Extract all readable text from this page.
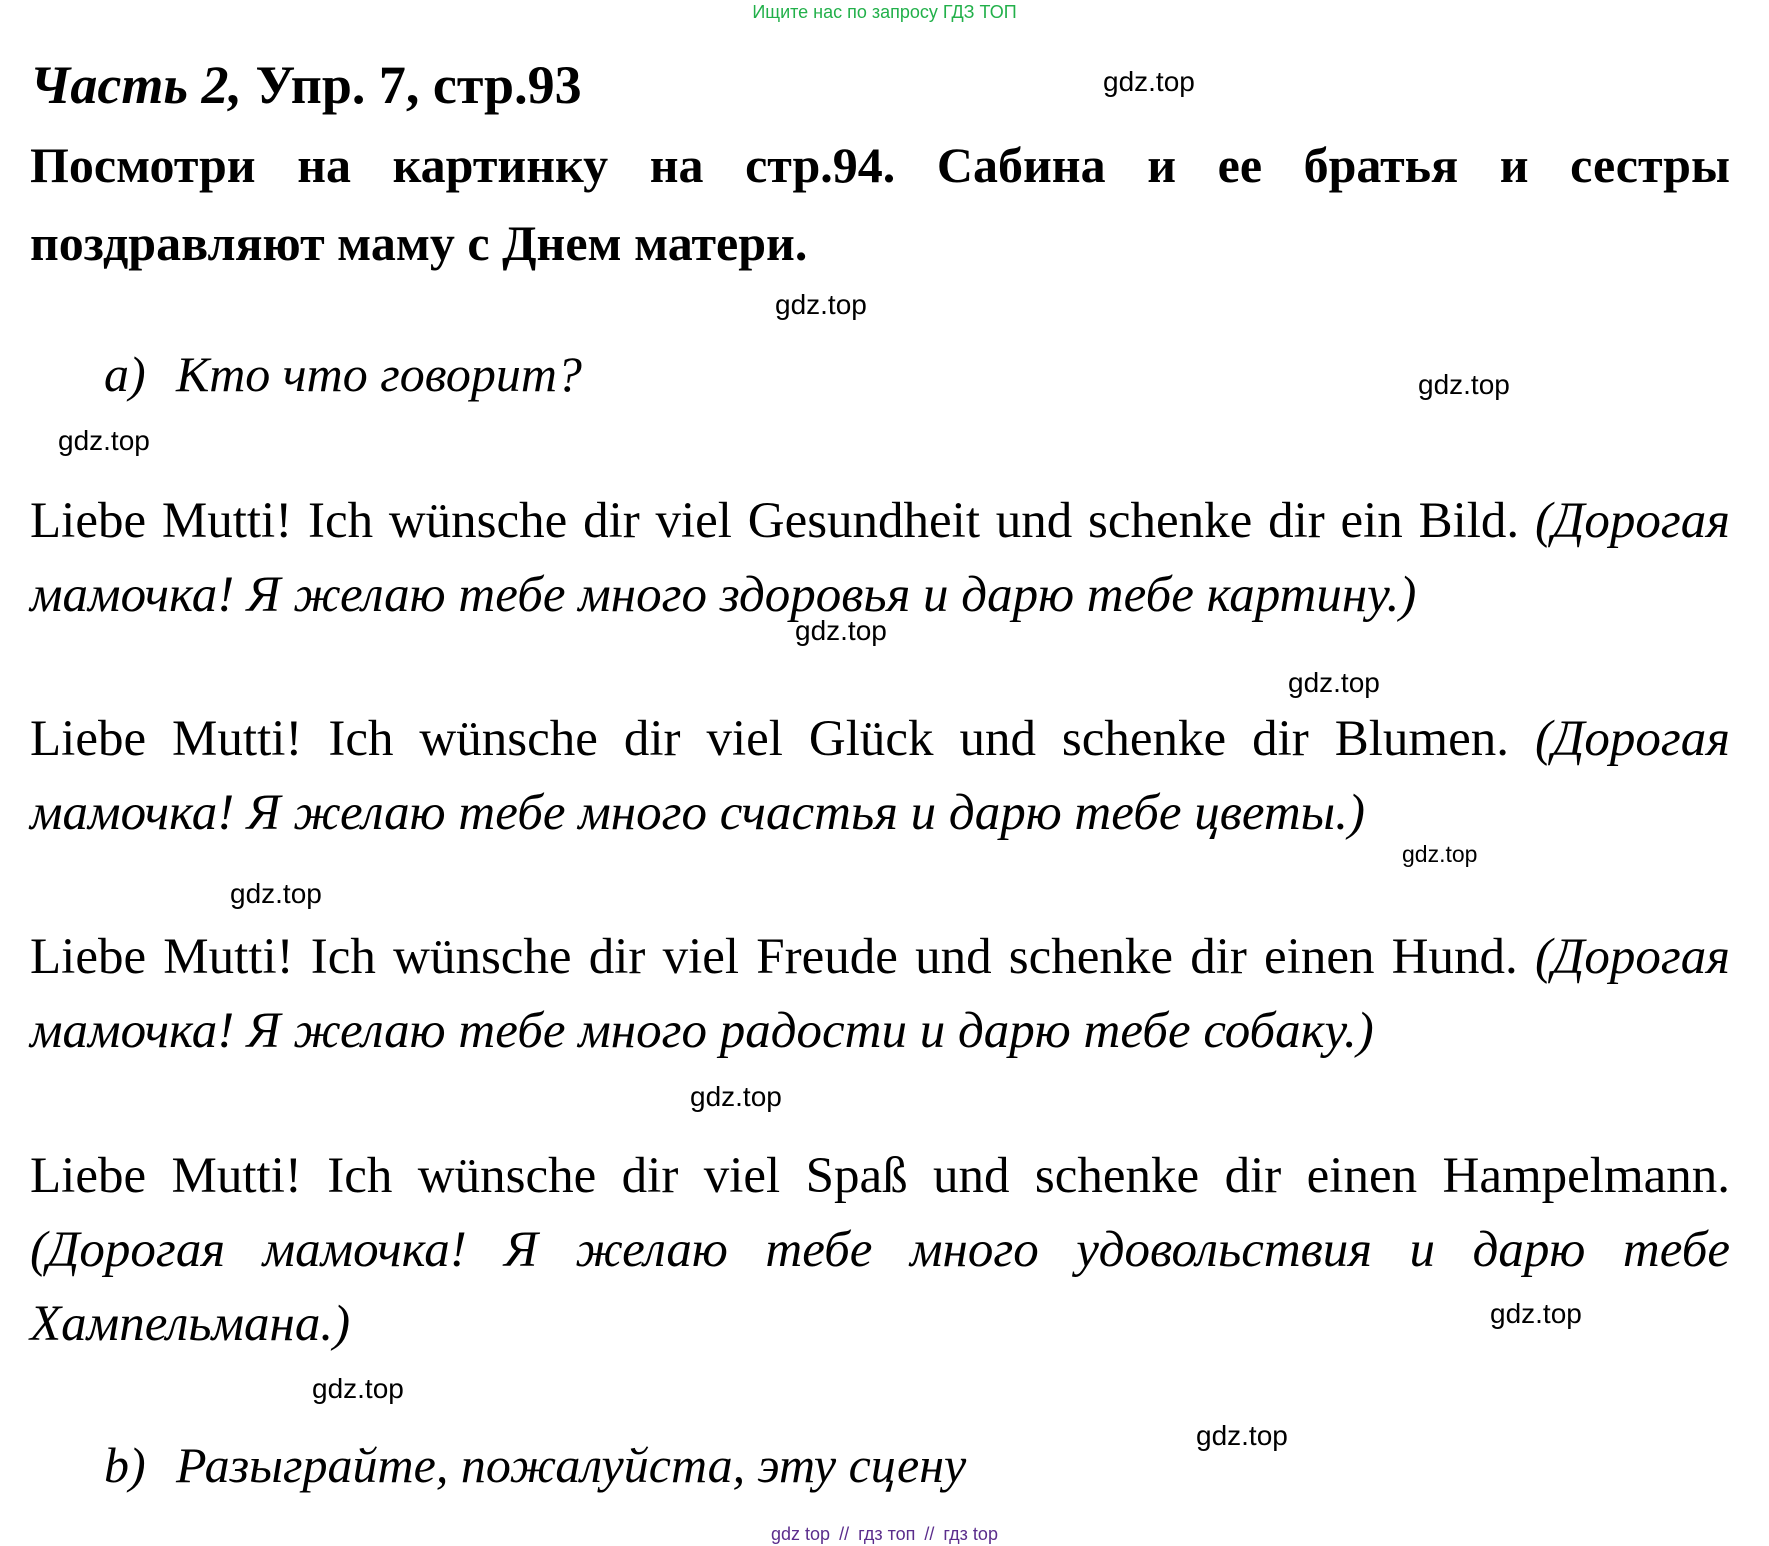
Ищите нас по запросу ГДЗ ТОП
Часть 2, Упр. 7, стр.93
Посмотри на картинку на стр.94. Сабина и ее братья и сестры поздравляют маму с Днем матери.
a) Кто что говорит?
Liebe Mutti! Ich wünsche dir viel Gesundheit und schenke dir ein Bild. (Дорогая мамочка! Я желаю тебе много здоровья и дарю тебе картину.)
Liebe Mutti! Ich wünsche dir viel Glück und schenke dir Blumen. (Дорогая мамочка! Я желаю тебе много счастья и дарю тебе цветы.)
Liebe Mutti! Ich wünsche dir viel Freude und schenke dir einen Hund. (Дорогая мамочка! Я желаю тебе много радости и дарю тебе собаку.)
Liebe Mutti! Ich wünsche dir viel Spaß und schenke dir einen Hampelmann. (Дорогая мамочка! Я желаю тебе много удовольствия и дарю тебе Хампельмана.)
b) Разыграйте, пожалуйста, эту сцену
gdz.top
gdz.top
gdz.top
gdz.top
gdz.top
gdz.top
gdz.top
gdz.top
gdz.top
gdz.top
gdz.top
gdz.top
gdz top // гдз топ // гдз top
